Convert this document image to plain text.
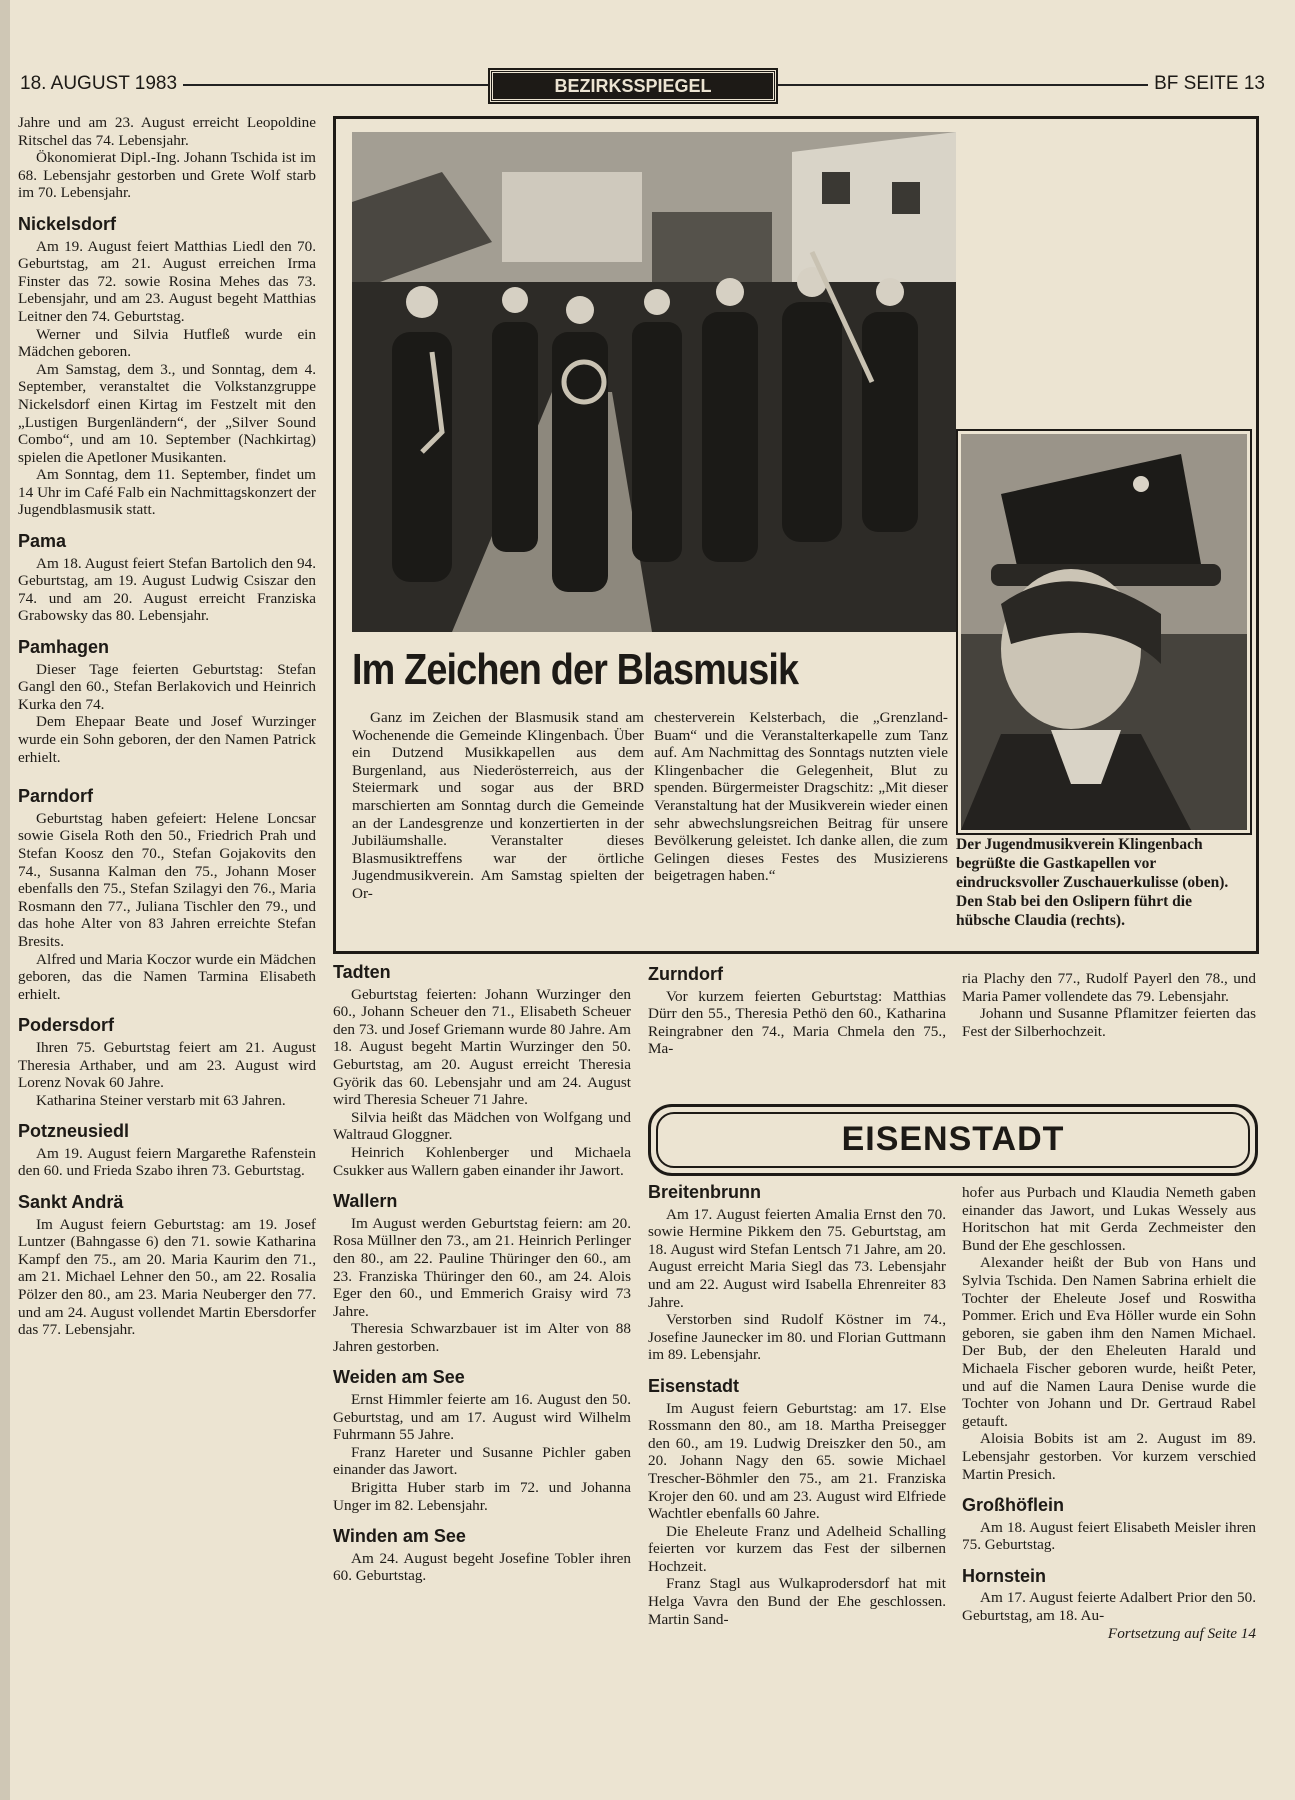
18. AUGUST 1983	BEZIRKSSPIEGEL	BF SEITE 13

Jahre und am 23. August erreicht Leopoldine Ritschel das 74. Lebensjahr.

Ökonomierat Dipl.-Ing. Johann Tschida ist im 68. Lebensjahr gestorben und Grete Wolf starb im 70. Lebensjahr.

Nickelsdorf

Am 19. August feiert Matthias Liedl den 70. Geburtstag, am 21. August erreichen Irma Finster das 72. sowie Rosina Mehes das 73. Lebensjahr, und am 23. August begeht Matthias Leitner den 74. Geburtstag.

Werner und Silvia Hutfleß wurde ein Mädchen geboren.

Am Samstag, dem 3., und Sonntag, dem 4. September, veranstaltet die Volkstanzgruppe Nickelsdorf einen Kirtag im Festzelt mit den „Lustigen Burgenländern“, der „Silver Sound Combo“, und am 10. September (Nachkirtag) spielen die Apetloner Musikanten.

Am Sonntag, dem 11. September, findet um 14 Uhr im Café Falb ein Nachmittagskonzert der Jugendblasmusik statt.

Pama

Am 18. August feiert Stefan Bartolich den 94. Geburtstag, am 19. August Ludwig Csiszar den 74. und am 20. August erreicht Franziska Grabowsky das 80. Lebensjahr.

Pamhagen

Dieser Tage feierten Geburtstag: Stefan Gangl den 60., Stefan Berlakovich und Heinrich Kurka den 74.

Dem Ehepaar Beate und Josef Wurzinger wurde ein Sohn geboren, der den Namen Patrick erhielt.

Parndorf

Geburtstag haben gefeiert: Helene Loncsar sowie Gisela Roth den 50., Friedrich Prah und Stefan Koosz den 70., Stefan Gojakovits den 74., Susanna Kalman den 75., Johann Moser ebenfalls den 75., Stefan Szilagyi den 76., Maria Rosmann den 77., Juliana Tischler den 79., und das hohe Alter von 83 Jahren erreichte Stefan Bresits.

Alfred und Maria Koczor wurde ein Mädchen geboren, das die Namen Tarmina Elisabeth erhielt.

Podersdorf

Ihren 75. Geburtstag feiert am 21. August Theresia Arthaber, und am 23. August wird Lorenz Novak 60 Jahre.

Katharina Steiner verstarb mit 63 Jahren.

Potzneusiedl

Am 19. August feiern Margarethe Rafenstein den 60. und Frieda Szabo ihren 73. Geburtstag.

Sankt Andrä

Im August feiern Geburtstag: am 19. Josef Luntzer (Bahngasse 6) den 71. sowie Katharina Kampf den 75., am 20. Maria Kaurim den 71., am 21. Michael Lehner den 50., am 22. Rosalia Pölzer den 80., am 23. Maria Neuberger den 77. und am 24. August vollendet Martin Ebersdorfer das 77. Lebensjahr.

Im Zeichen der Blasmusik

Ganz im Zeichen der Blasmusik stand am Wochenende die Gemeinde Klingenbach. Über ein Dutzend Musikkapellen aus dem Burgenland, aus Niederösterreich, aus der Steiermark und sogar aus der BRD marschierten am Sonntag durch die Gemeinde an der Landesgrenze und konzertierten in der Jubiläumshalle. Veranstalter dieses Blasmusiktreffens war der örtliche Jugendmusikverein. Am Samstag spielten der Or-

chesterverein Kelsterbach, die „Grenzland-Buam“ und die Veranstalterkapelle zum Tanz auf. Am Nachmittag des Sonntags nutzten viele Klingenbacher die Gelegenheit, Blut zu spenden. Bürgermeister Dragschitz: „Mit dieser Veranstaltung hat der Musikverein wieder einen sehr abwechslungsreichen Beitrag für unsere Bevölkerung geleistet. Ich danke allen, die zum Gelingen dieses Festes des Musizierens beigetragen haben.“

Der Jugendmusikverein Klingenbach begrüßte die Gastkapellen vor eindrucksvoller Zuschauerkulisse (oben). Den Stab bei den Oslipern führt die hübsche Claudia (rechts).
Tadten

Geburtstag feierten: Johann Wurzinger den 60., Johann Scheuer den 71., Elisabeth Scheuer den 73. und Josef Griemann wurde 80 Jahre. Am 18. August begeht Martin Wurzinger den 50. Geburtstag, am 20. August erreicht Theresia Györik das 60. Lebensjahr und am 24. August wird Theresia Scheuer 71 Jahre.

Silvia heißt das Mädchen von Wolfgang und Waltraud Gloggner.

Heinrich Kohlenberger und Michaela Csukker aus Wallern gaben einander ihr Jawort.

Wallern

Im August werden Geburtstag feiern: am 20. Rosa Müllner den 73., am 21. Heinrich Perlinger den 80., am 22. Pauline Thüringer den 60., am 23. Franziska Thüringer den 60., am 24. Alois Eger den 60., und Emmerich Graisy wird 73 Jahre.

Theresia Schwarzbauer ist im Alter von 88 Jahren gestorben.

Weiden am See

Ernst Himmler feierte am 16. August den 50. Geburtstag, und am 17. August wird Wilhelm Fuhrmann 55 Jahre.

Franz Hareter und Susanne Pichler gaben einander das Jawort.

Brigitta Huber starb im 72. und Johanna Unger im 82. Lebensjahr.

Winden am See

Am 24. August begeht Josefine Tobler ihren 60. Geburtstag.

Zurndorf

Vor kurzem feierten Geburtstag: Matthias Dürr den 55., Theresia Pethö den 60., Katharina Reingrabner den 74., Maria Chmela den 75., Ma-

ria Plachy den 77., Rudolf Payerl den 78., und Maria Pamer vollendete das 79. Lebensjahr.

Johann und Susanne Pflamitzer feierten das Fest der Silberhochzeit.

EISENSTADT
Breitenbrunn

Am 17. August feierten Amalia Ernst den 70. sowie Hermine Pikkem den 75. Geburtstag, am 18. August wird Stefan Lentsch 71 Jahre, am 20. August erreicht Maria Siegl das 73. Lebensjahr und am 22. August wird Isabella Ehrenreiter 83 Jahre.

Verstorben sind Rudolf Köstner im 74., Josefine Jaunecker im 80. und Florian Guttmann im 89. Lebensjahr.

Eisenstadt

Im August feiern Geburtstag: am 17. Else Rossmann den 80., am 18. Martha Preisegger den 60., am 19. Ludwig Dreiszker den 50., am 20. Johann Nagy den 65. sowie Michael Trescher-Böhmler den 75., am 21. Franziska Krojer den 60. und am 23. August wird Elfriede Wachtler ebenfalls 60 Jahre.

Die Eheleute Franz und Adelheid Schalling feierten vor kurzem das Fest der silbernen Hochzeit.

Franz Stagl aus Wulkaprodersdorf hat mit Helga Vavra den Bund der Ehe geschlossen. Martin Sand-

hofer aus Purbach und Klaudia Nemeth gaben einander das Jawort, und Lukas Wessely aus Horitschon hat mit Gerda Zechmeister den Bund der Ehe geschlossen.

Alexander heißt der Bub von Hans und Sylvia Tschida. Den Namen Sabrina erhielt die Tochter der Eheleute Josef und Roswitha Pommer. Erich und Eva Höller wurde ein Sohn geboren, sie gaben ihm den Namen Michael. Der Bub, der den Eheleuten Harald und Michaela Fischer geboren wurde, heißt Peter, und auf die Namen Laura Denise wurde die Tochter von Johann und Dr. Gertraud Rabel getauft.

Aloisia Bobits ist am 2. August im 89. Lebensjahr gestorben. Vor kurzem verschied Martin Presich.

Großhöflein

Am 18. August feiert Elisabeth Meisler ihren 75. Geburtstag.

Hornstein

Am 17. August feierte Adalbert Prior den 50. Geburtstag, am 18. Au-

Fortsetzung auf Seite 14
